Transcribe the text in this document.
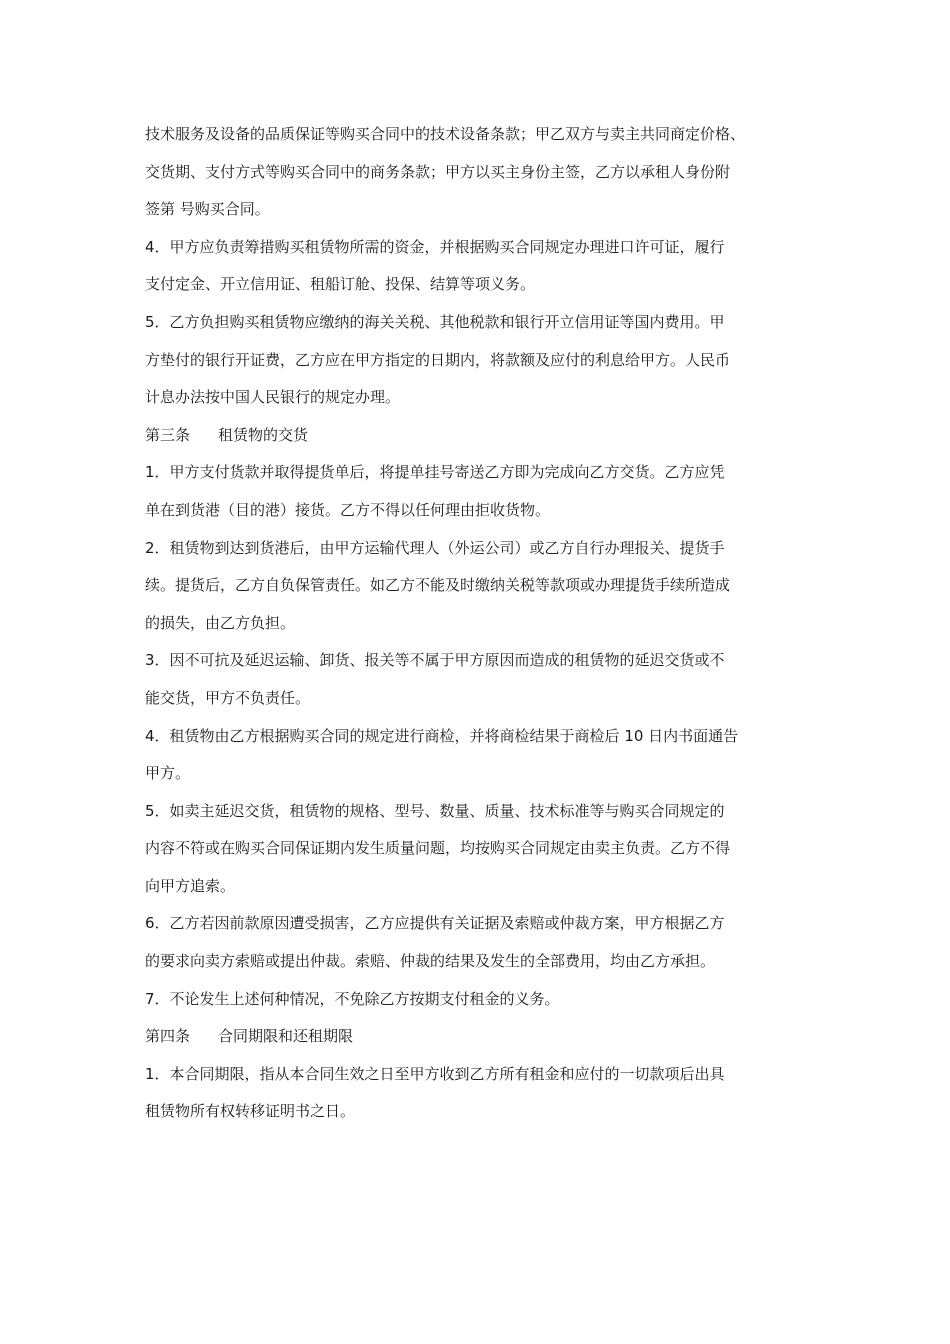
技术服务及设备的品质保证等购买合同中的技术设备条款；甲乙双方与卖主共同商定价格、
交货期、支付方式等购买合同中的商务条款；甲方以买主身份主签，乙方以承租人身份附
签第 号购买合同。
4．甲方应负责筹措购买租赁物所需的资金，并根据购买合同规定办理进口许可证，履行
支付定金、开立信用证、租船订舱、投保、结算等项义务。
5．乙方负担购买租赁物应缴纳的海关关税、其他税款和银行开立信用证等国内费用。甲
方垫付的银行开证费，乙方应在甲方指定的日期内，将款额及应付的利息给甲方。人民币
计息办法按中国人民银行的规定办理。
第三条 租赁物的交货
1．甲方支付货款并取得提货单后，将提单挂号寄送乙方即为完成向乙方交货。乙方应凭
单在到货港（目的港）接货。乙方不得以任何理由拒收货物。
2．租赁物到达到货港后，由甲方运输代理人（外运公司）或乙方自行办理报关、提货手
续。提货后，乙方自负保管责任。如乙方不能及时缴纳关税等款项或办理提货手续所造成
的损失，由乙方负担。
3．因不可抗及延迟运输、卸货、报关等不属于甲方原因而造成的租赁物的延迟交货或不
能交货，甲方不负责任。
4．租赁物由乙方根据购买合同的规定进行商检，并将商检结果于商检后 10 日内书面通告
甲方。
5．如卖主延迟交货，租赁物的规格、型号、数量、质量、技术标准等与购买合同规定的
内容不符或在购买合同保证期内发生质量问题，均按购买合同规定由卖主负责。乙方不得
向甲方追索。
6．乙方若因前款原因遭受损害，乙方应提供有关证据及索赔或仲裁方案，甲方根据乙方
的要求向卖方索赔或提出仲裁。索赔、仲裁的结果及发生的全部费用，均由乙方承担。
7．不论发生上述何种情况，不免除乙方按期支付租金的义务。
第四条 合同期限和还租期限
1．本合同期限，指从本合同生效之日至甲方收到乙方所有租金和应付的一切款项后出具
租赁物所有权转移证明书之日。
